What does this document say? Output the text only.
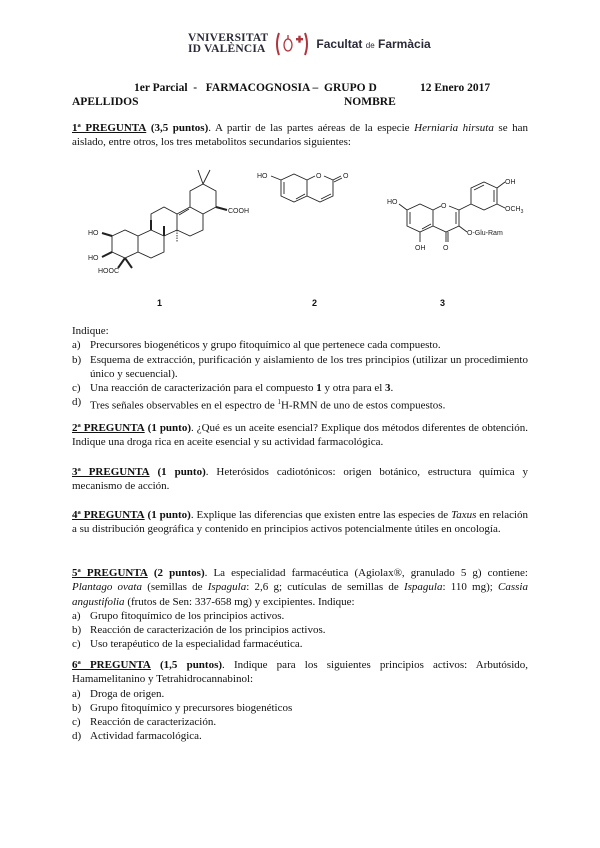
VNIVERSITAT
ID VALÈNCIA	Facultat de Farmàcia
1er Parcial  -   FARMACOGNOSIA –  GRUPO D	12 Enero 2017
APELLIDOS	NOMBRE

1ª PREGUNTA (3,5 puntos). A partir de las partes aéreas de la especie Herniaria hirsuta se han aislado, entre otros, los tres metabolitos secundarios siguientes:

COOH
HO
HO
HOOC
1
HO	O	O
2
HO
O
OH	O
OH
$OCH_3$
O-Glu-Ram
3

Indique:

a) Precursores biogenéticos y grupo fitoquímico al que pertenece cada compuesto.
b) Esquema de extracción, purificación y aislamiento de los tres principios (utilizar un procedimiento único y secuencial).
c) Una reacción de caracterización para el compuesto 1 y otra para el 3.
d) Tres señales observables en el espectro de $^1$H-RMN de uno de estos compuestos.

2ª PREGUNTA (1 punto). ¿Qué es un aceite esencial? Explique dos métodos diferentes de obtención. Indique una droga rica en aceite esencial y su actividad farmacológica.

3ª PREGUNTA (1 punto). Heterósidos cadiotónicos: origen botánico, estructura química y mecanismo de acción.

4ª PREGUNTA (1 punto). Explique las diferencias que existen entre las especies de Taxus en relación a su distribución geográfica y contenido en principios activos potencialmente útiles en oncología.

5ª PREGUNTA (2 puntos). La especialidad farmacéutica (Agiolax®, granulado 5 g) contiene: Plantago ovata (semillas de Ispagula: 2,6 g; cutículas de semillas de Ispagula: 110 mg); Cassia angustifolia (frutos de Sen: 337-658 mg) y excipientes. Indique:

a) Grupo fitoquímico de los principios activos.
b) Reacción de caracterización de los principios activos.
c) Uso terapéutico de la especialidad farmacéutica.

6ª PREGUNTA (1,5 puntos). Indique para los siguientes principios activos: Arbutósido, Hamamelitanino y Tetrahidrocannabinol:

a) Droga de origen.
b) Grupo fitoquímico y precursores biogenéticos
c) Reacción de caracterización.
d) Actividad farmacológica.
